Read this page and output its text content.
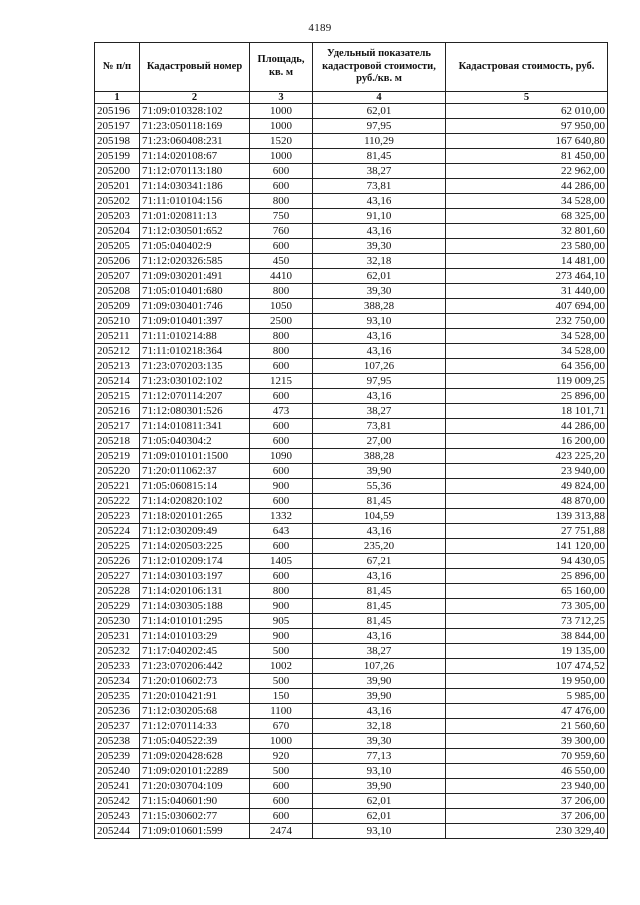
4189
№ п/п	Кадастровый номер	Площадь, кв. м	Удельный показатель кадастровой стоимости, руб./кв. м	Кадастровая стоимость, руб.
1	2	3	4	5
205196	71:09:010328:102	1000	62,01	62 010,00
205197	71:23:050118:169	1000	97,95	97 950,00
205198	71:23:060408:231	1520	110,29	167 640,80
205199	71:14:020108:67	1000	81,45	81 450,00
205200	71:12:070113:180	600	38,27	22 962,00
205201	71:14:030341:186	600	73,81	44 286,00
205202	71:11:010104:156	800	43,16	34 528,00
205203	71:01:020811:13	750	91,10	68 325,00
205204	71:12:030501:652	760	43,16	32 801,60
205205	71:05:040402:9	600	39,30	23 580,00
205206	71:12:020326:585	450	32,18	14 481,00
205207	71:09:030201:491	4410	62,01	273 464,10
205208	71:05:010401:680	800	39,30	31 440,00
205209	71:09:030401:746	1050	388,28	407 694,00
205210	71:09:010401:397	2500	93,10	232 750,00
205211	71:11:010214:88	800	43,16	34 528,00
205212	71:11:010218:364	800	43,16	34 528,00
205213	71:23:070203:135	600	107,26	64 356,00
205214	71:23:030102:102	1215	97,95	119 009,25
205215	71:12:070114:207	600	43,16	25 896,00
205216	71:12:080301:526	473	38,27	18 101,71
205217	71:14:010811:341	600	73,81	44 286,00
205218	71:05:040304:2	600	27,00	16 200,00
205219	71:09:010101:1500	1090	388,28	423 225,20
205220	71:20:011062:37	600	39,90	23 940,00
205221	71:05:060815:14	900	55,36	49 824,00
205222	71:14:020820:102	600	81,45	48 870,00
205223	71:18:020101:265	1332	104,59	139 313,88
205224	71:12:030209:49	643	43,16	27 751,88
205225	71:14:020503:225	600	235,20	141 120,00
205226	71:12:010209:174	1405	67,21	94 430,05
205227	71:14:030103:197	600	43,16	25 896,00
205228	71:14:020106:131	800	81,45	65 160,00
205229	71:14:030305:188	900	81,45	73 305,00
205230	71:14:010101:295	905	81,45	73 712,25
205231	71:14:010103:29	900	43,16	38 844,00
205232	71:17:040202:45	500	38,27	19 135,00
205233	71:23:070206:442	1002	107,26	107 474,52
205234	71:20:010602:73	500	39,90	19 950,00
205235	71:20:010421:91	150	39,90	5 985,00
205236	71:12:030205:68	1100	43,16	47 476,00
205237	71:12:070114:33	670	32,18	21 560,60
205238	71:05:040522:39	1000	39,30	39 300,00
205239	71:09:020428:628	920	77,13	70 959,60
205240	71:09:020101:2289	500	93,10	46 550,00
205241	71:20:030704:109	600	39,90	23 940,00
205242	71:15:040601:90	600	62,01	37 206,00
205243	71:15:030602:77	600	62,01	37 206,00
205244	71:09:010601:599	2474	93,10	230 329,40
